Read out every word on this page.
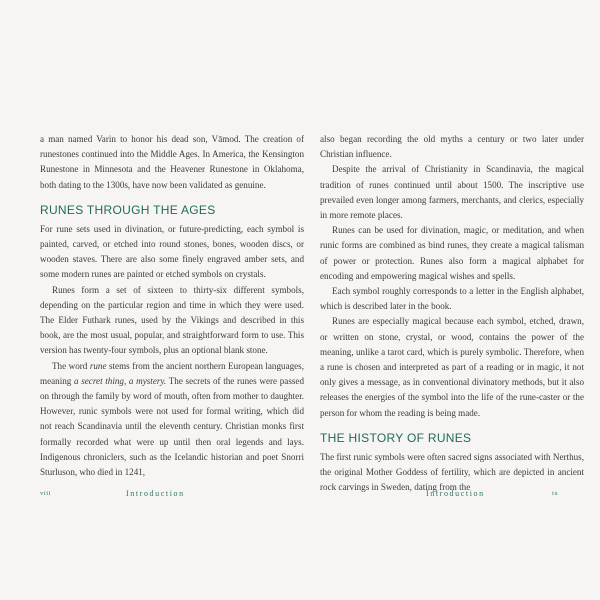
a man named Varin to honor his dead son, Vāmod. The creation of runestones continued into the Middle Ages. In America, the Kensington Runestone in Minnesota and the Heavener Runestone in Oklahoma, both dating to the 1300s, have now been validated as genuine.

RUNES THROUGH THE AGES

For rune sets used in divination, or future-predicting, each symbol is painted, carved, or etched into round stones, bones, wooden discs, or wooden staves. There are also some finely engraved amber sets, and some modern runes are painted or etched symbols on crystals.

Runes form a set of sixteen to thirty-six different symbols, depending on the particular region and time in which they were used. The Elder Futhark runes, used by the Vikings and described in this book, are the most usual, popular, and straightforward form to use. This version has twenty-four symbols, plus an optional blank stone.

The word rune stems from the ancient northern European languages, meaning a secret thing, a mystery. The secrets of the runes were passed on through the family by word of mouth, often from mother to daughter. However, runic symbols were not used for formal writing, which did not reach Scandinavia until the eleventh century. Christian monks first formally recorded what were up until then oral legends and lays. Indigenous chroniclers, such as the Icelandic historian and poet Snorri Sturluson, who died in 1241,

also began recording the old myths a century or two later under Christian influence.

Despite the arrival of Christianity in Scandinavia, the magical tradition of runes continued until about 1500. The inscriptive use prevailed even longer among farmers, merchants, and clerics, especially in more remote places.

Runes can be used for divination, magic, or meditation, and when runic forms are combined as bind runes, they create a magical talisman of power or protection. Runes also form a magical alphabet for encoding and empowering magical wishes and spells.

Each symbol roughly corresponds to a letter in the English alphabet, which is described later in the book.

Runes are especially magical because each symbol, etched, drawn, or written on stone, crystal, or wood, contains the power of the meaning, unlike a tarot card, which is purely symbolic. Therefore, when a rune is chosen and interpreted as part of a reading or in magic, it not only gives a message, as in conventional divinatory methods, but it also releases the energies of the symbol into the life of the rune-caster or the person for whom the reading is being made.

THE HISTORY OF RUNES

The first runic symbols were often sacred signs associated with Nerthus, the original Mother Goddess of fertility, which are depicted in ancient rock carvings in Sweden, dating from the

viii	Introduction	Introduction	ix
